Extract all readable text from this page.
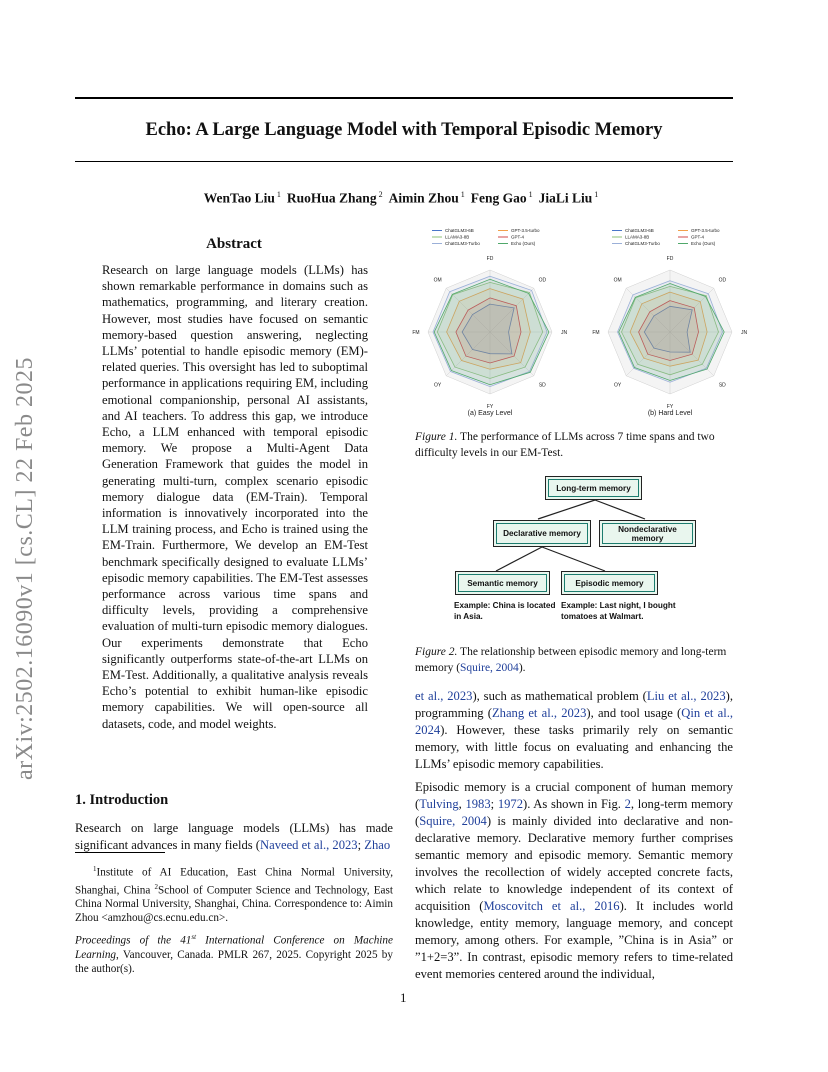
Echo: A Large Language Model with Temporal Episodic Memory
WenTao Liu $^1$ RuoHua Zhang $^2$ Aimin Zhou $^1$ Feng Gao $^1$ JiaLi Liu $^1$
arXiv:2502.16090v1 [cs.CL] 22 Feb 2025
Abstract
Research on large language models (LLMs) has shown remarkable performance in domains such as mathematics, programming, and literary creation. However, most studies have focused on semantic memory-based question answering, neglecting LLMs’ potential to handle episodic memory (EM)-related queries. This oversight has led to suboptimal performance in applications requiring EM, including emotional companionship, personal AI assistants, and AI teachers. To address this gap, we introduce Echo, a LLM enhanced with temporal episodic memory. We propose a Multi-Agent Data Generation Framework that guides the model in generating multi-turn, complex scenario episodic memory dialogue data (EM-Train). Temporal information is innovatively incorporated into the LLM training process, and Echo is trained using the EM-Train. Furthermore, We develop an EM-Test benchmark specifically designed to evaluate LLMs’ episodic memory capabilities. The EM-Test assesses performance across various time spans and difficulty levels, providing a comprehensive evaluation of multi-turn episodic memory dialogues. Our experiments demonstrate that Echo significantly outperforms state-of-the-art LLMs on EM-Test. Additionally, a qualitative analysis reveals Echo’s potential to exhibit human-like episodic memory capabilities. We will open-source all datasets, code, and model weights.
1. Introduction
Research on large language models (LLMs) has made significant advances in many fields (Naveed et al., 2023; Zhao
$^1$Institute of AI Education, East China Normal University, Shanghai, China $^2$School of Computer Science and Technology, East China Normal University, Shanghai, China. Correspondence to: Aimin Zhou <amzhou@cs.ecnu.edu.cn>.
Proceedings of the 41st International Conference on Machine Learning, Vancouver, Canada. PMLR 267, 2025. Copyright 2025 by the author(s).
ChatGLM3-6B	GPT-3.5-turbo
LLAMA3-8B	GPT-4
ChatGLM3-Turbo	Echo (Ours)
FD
OD
JN
SD
FY
OY
FM
OM
(a) Easy Level
ChatGLM3-6B	GPT-3.5-turbo
LLAMA3-8B	GPT-4
ChatGLM3-Turbo	Echo (Ours)
FD
OD
JN
SD
FY
OY
FM
OM
(b) Hard Level
Figure 1. The performance of LLMs across 7 time spans and two difficulty levels in our EM-Test.
Long-term memory
Declarative memory	Nondeclarative memory
Semantic memory	Episodic memory
Example: China is located
in Asia.
Example: Last night, I bought
tomatoes at Walmart.
Figure 2. The relationship between episodic memory and long-term memory (Squire, 2004).
et al., 2023), such as mathematical problem (Liu et al., 2023), programming (Zhang et al., 2023), and tool usage (Qin et al., 2024). However, these tasks primarily rely on semantic memory, with little focus on evaluating and enhancing the LLMs’ episodic memory capabilities.
Episodic memory is a crucial component of human memory (Tulving, 1983; 1972). As shown in Fig. 2, long-term memory (Squire, 2004) is mainly divided into declarative and non-declarative memory. Declarative memory further comprises semantic memory and episodic memory. Semantic memory involves the recollection of widely accepted concrete facts, which relate to knowledge independent of its context of acquisition (Moscovitch et al., 2016). It includes world knowledge, entity memory, language memory, and concept memory, among others. For example, ”China is in Asia” or ”1+2=3”. In contrast, episodic memory refers to time-related event memories centered around the individual,
1
